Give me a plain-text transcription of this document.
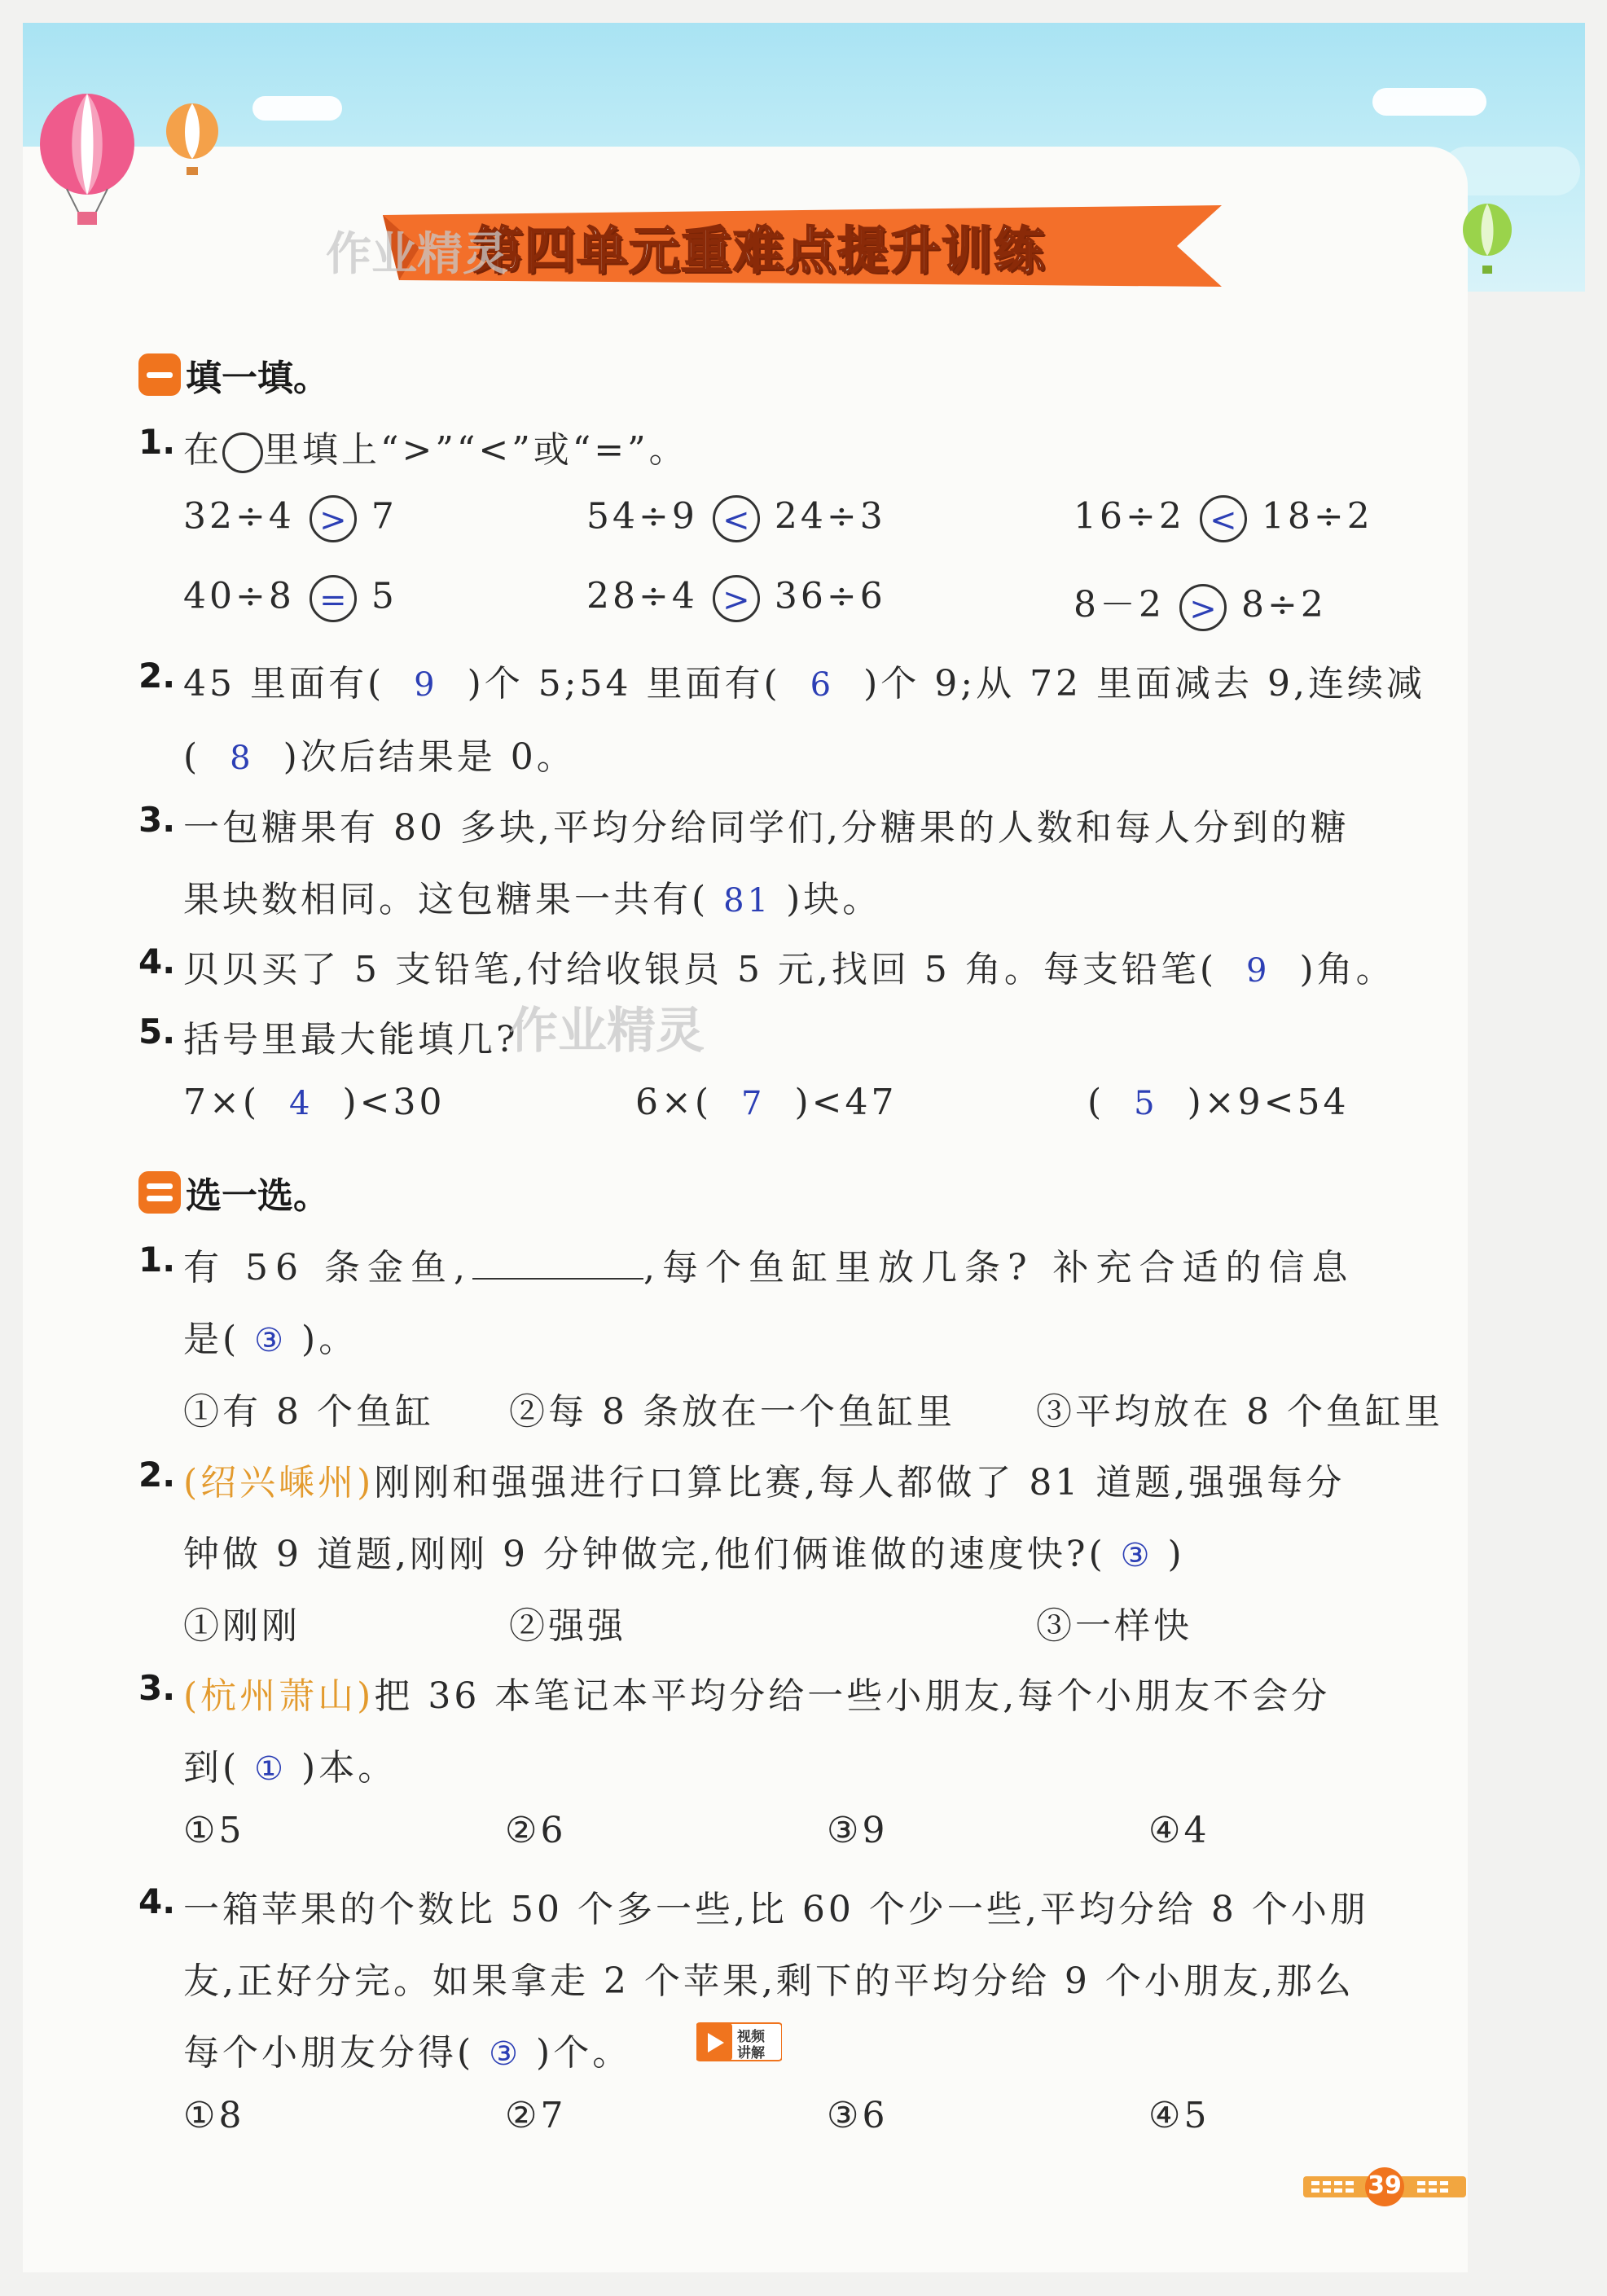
第四单元重难点提升训练
作业精灵
填一填。
1. 在 里填上“>”“<”或“=”。
32÷4 > 7	54÷9 < 24÷3	16÷2 < 18÷2
40÷8 = 5	28÷4 > 36÷6	8－2 > 8÷2
2. 45 里面有( 9 )个 5;54 里面有( 6 )个 9;从 72 里面减去 9,连续减
( 8 )次后结果是 0。
3. 一包糖果有 80 多块,平均分给同学们,分糖果的人数和每人分到的糖
果块数相同。这包糖果一共有( 81 )块。
4. 贝贝买了 5 支铅笔,付给收银员 5 元,找回 5 角。每支铅笔( 9 )角。
5. 括号里最大能填几?
作业精灵
7×( 4 )<30	6×( 7 )<47	( 5 )×9<54
选一选。
1. 有 56 条金鱼,	,每个鱼缸里放几条? 补充合适的信息
是( ③ )。
①有 8 个鱼缸 ②每 8 条放在一个鱼缸里 ③平均放在 8 个鱼缸里
2. (绍兴嵊州)刚刚和强强进行口算比赛,每人都做了 81 道题,强强每分
钟做 9 道题,刚刚 9 分钟做完,他们俩谁做的速度快?( ③ )
①刚刚	②强强	③一样快
3. (杭州萧山)把 36 本笔记本平均分给一些小朋友,每个小朋友不会分
到( ① )本。
①5	②6	③9	④4
4. 一箱苹果的个数比 50 个多一些,比 60 个少一些,平均分给 8 个小朋
友,正好分完。如果拿走 2 个苹果,剩下的平均分给 9 个小朋友,那么
每个小朋友分得( ③ )个。	视频
讲解
①8	②7	③6	④5
39
